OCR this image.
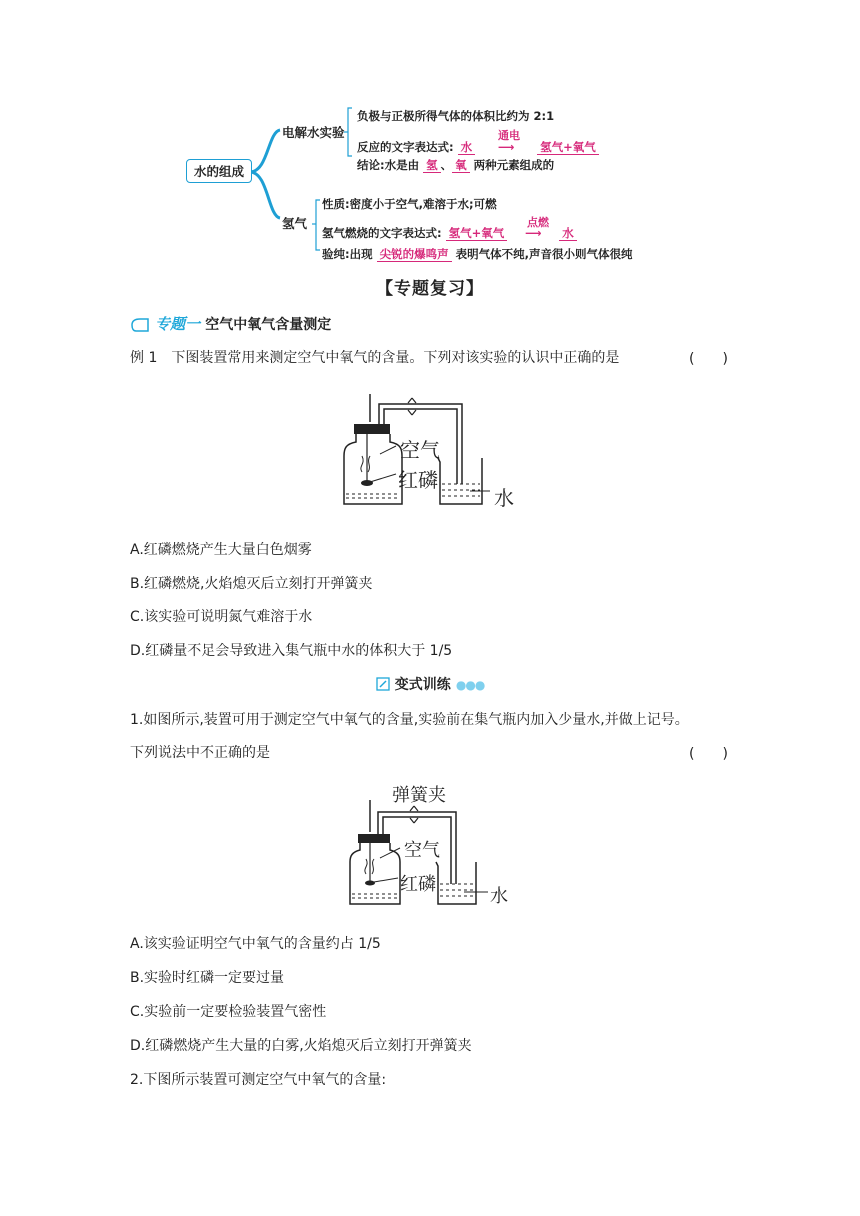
水的组成
电解水实验
负极与正极所得气体的体积比约为 2:1
反应的文字表达式:
通电
水 ⟶ 氢气+氧气
结论:水是由 氢 、 氧 两种元素组成的
氢气
性质:密度小于空气,难溶于水;可燃
氢气燃烧的文字表达式:
点燃
氢气+氧气 ⟶ 水
验纯:出现 尖锐的爆鸣声 表明气体不纯,声音很小则气体很纯
【专题复习】
专题一 空气中氧气含量测定
例 1　下图装置常用来测定空气中氧气的含量。下列对该实验的认识中正确的是	(　　)
空气
红磷
水
A.红磷燃烧产生大量白色烟雾
B.红磷燃烧,火焰熄灭后立刻打开弹簧夹
C.该实验可说明氮气难溶于水
D.红磷量不足会导致进入集气瓶中水的体积大于 1/5
变式训练 ●●●
1.如图所示,装置可用于测定空气中氧气的含量,实验前在集气瓶内加入少量水,并做上记号。
下列说法中不正确的是	(　　)
弹簧夹
空气
红磷
水
A.该实验证明空气中氧气的含量约占 1/5
B.实验时红磷一定要过量
C.实验前一定要检验装置气密性
D.红磷燃烧产生大量的白雾,火焰熄灭后立刻打开弹簧夹
2.下图所示装置可测定空气中氧气的含量:
